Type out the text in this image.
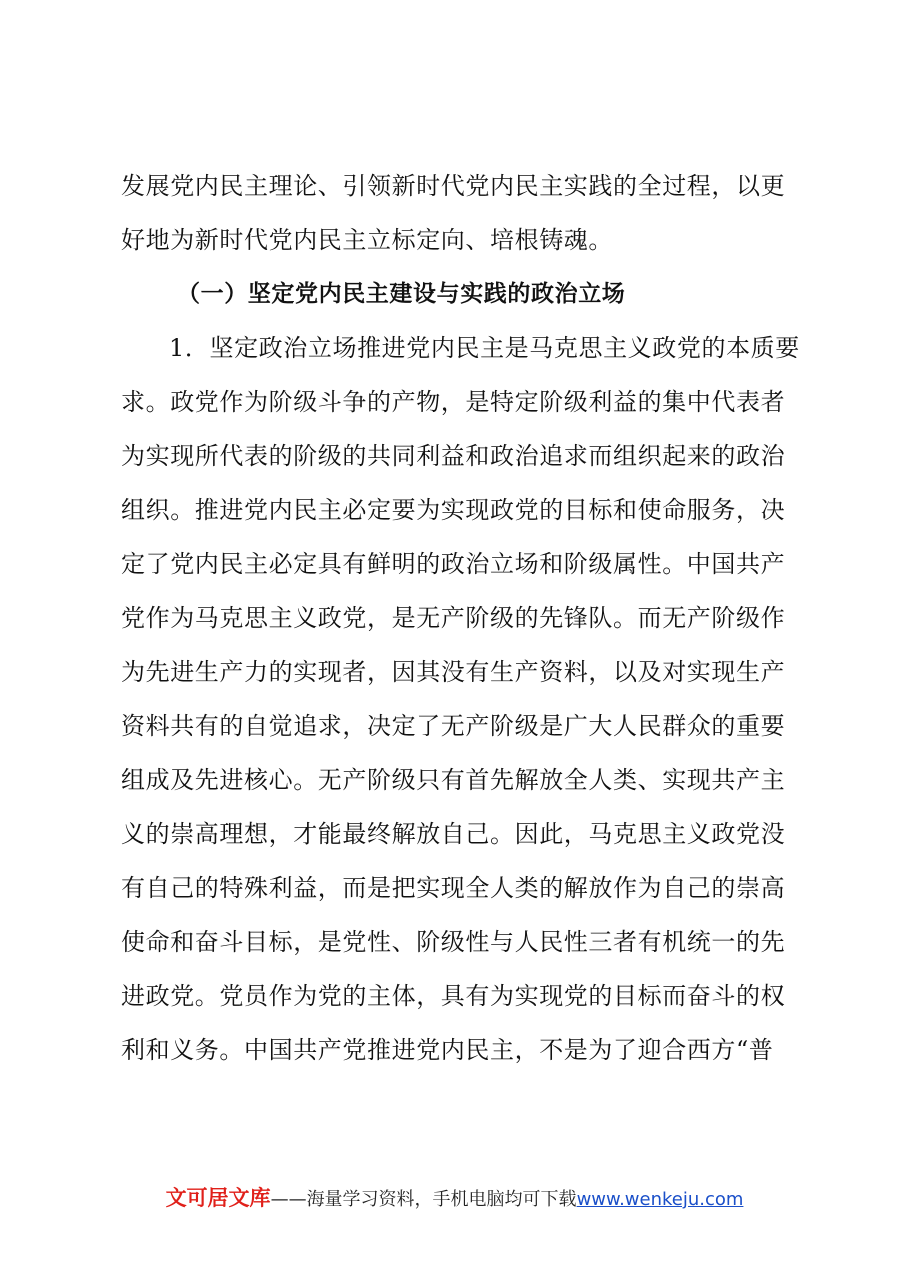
发展党内民主理论、引领新时代党内民主实践的全过程，以更
好地为新时代党内民主立标定向、培根铸魂。
（一）坚定党内民主建设与实践的政治立场
1．坚定政治立场推进党内民主是马克思主义政党的本质要
求。政党作为阶级斗争的产物，是特定阶级利益的集中代表者
为实现所代表的阶级的共同利益和政治追求而组织起来的政治
组织。推进党内民主必定要为实现政党的目标和使命服务，决
定了党内民主必定具有鲜明的政治立场和阶级属性。中国共产
党作为马克思主义政党，是无产阶级的先锋队。而无产阶级作
为先进生产力的实现者，因其没有生产资料，以及对实现生产
资料共有的自觉追求，决定了无产阶级是广大人民群众的重要
组成及先进核心。无产阶级只有首先解放全人类、实现共产主
义的崇高理想，才能最终解放自己。因此，马克思主义政党没
有自己的特殊利益，而是把实现全人类的解放作为自己的崇高
使命和奋斗目标，是党性、阶级性与人民性三者有机统一的先
进政党。党员作为党的主体，具有为实现党的目标而奋斗的权
利和义务。中国共产党推进党内民主，不是为了迎合西方“普
文可居文库——海量学习资料，手机电脑均可下载www.wenkeju.com
